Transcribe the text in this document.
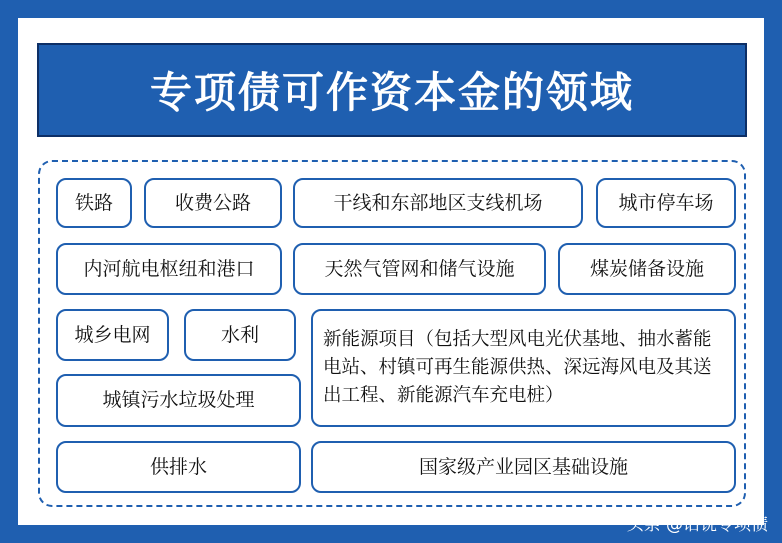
专项债可作资本金的领域
铁路	收费公路	干线和东部地区支线机场	城市停车场
内河航电枢纽和港口	天然气管网和储气设施	煤炭储备设施
城乡电网	水利	新能源项目（包括大型风电光伏基地、抽水蓄能电站、村镇可再生能源供热、深远海风电及其送出工程、新能源汽车充电桩）
城镇污水垃圾处理
供排水	国家级产业园区基础设施
头条 @话说专项债
